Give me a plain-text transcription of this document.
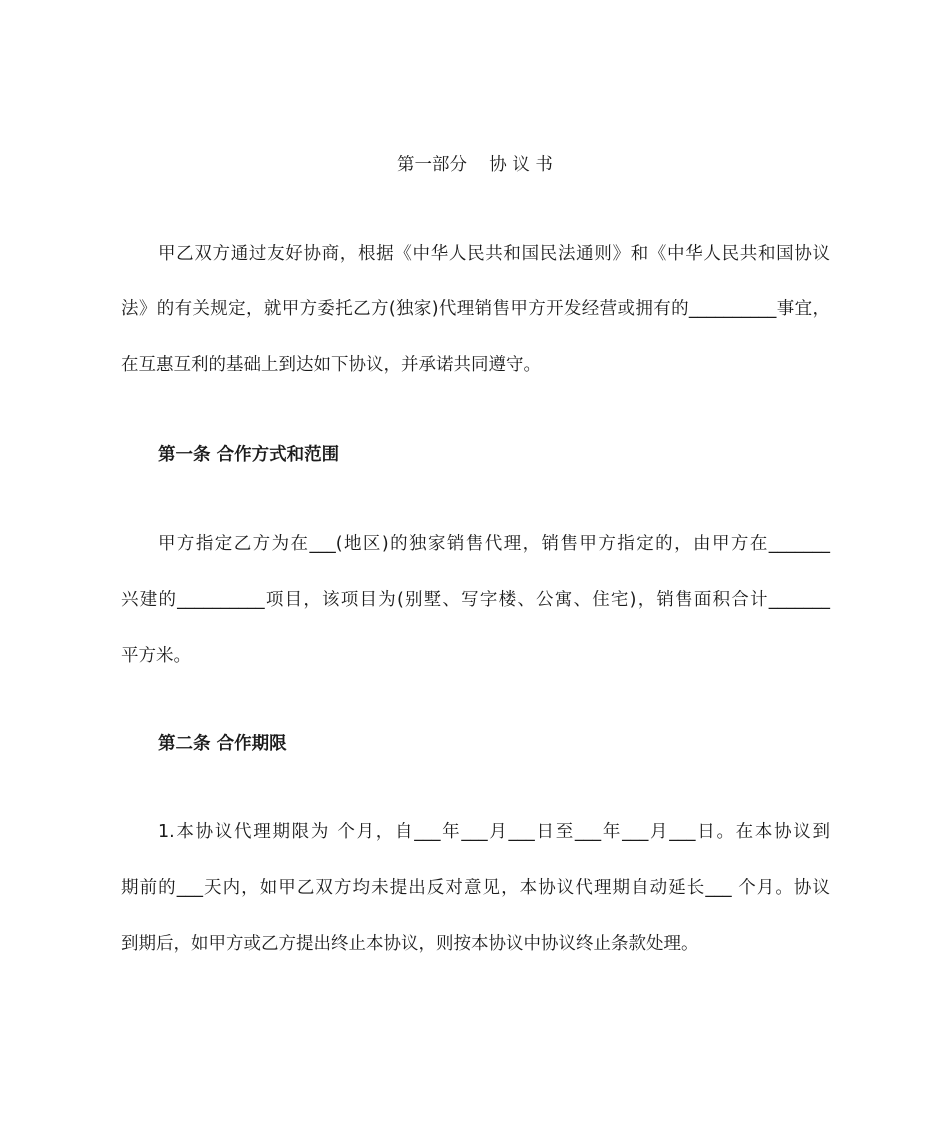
第一部分    协 议 书
甲乙双方通过友好协商，根据《中华人民共和国民法通则》和《中华人民共和国协议
法》的有关规定，就甲方委托乙方(独家)代理销售甲方开发经营或拥有的__________事宜，
在互惠互利的基础上到达如下协议，并承诺共同遵守。
第一条 合作方式和范围
甲方指定乙方为在___(地区)的独家销售代理，销售甲方指定的，由甲方在_______
兴建的__________项目，该项目为(别墅、写字楼、公寓、住宅)，销售面积合计_______
平方米。
第二条 合作期限
1.本协议代理期限为 个月，自___年___月___日至___年___月___日。在本协议到
期前的___天内，如甲乙双方均未提出反对意见，本协议代理期自动延长___ 个月。协议
到期后，如甲方或乙方提出终止本协议，则按本协议中协议终止条款处理。
